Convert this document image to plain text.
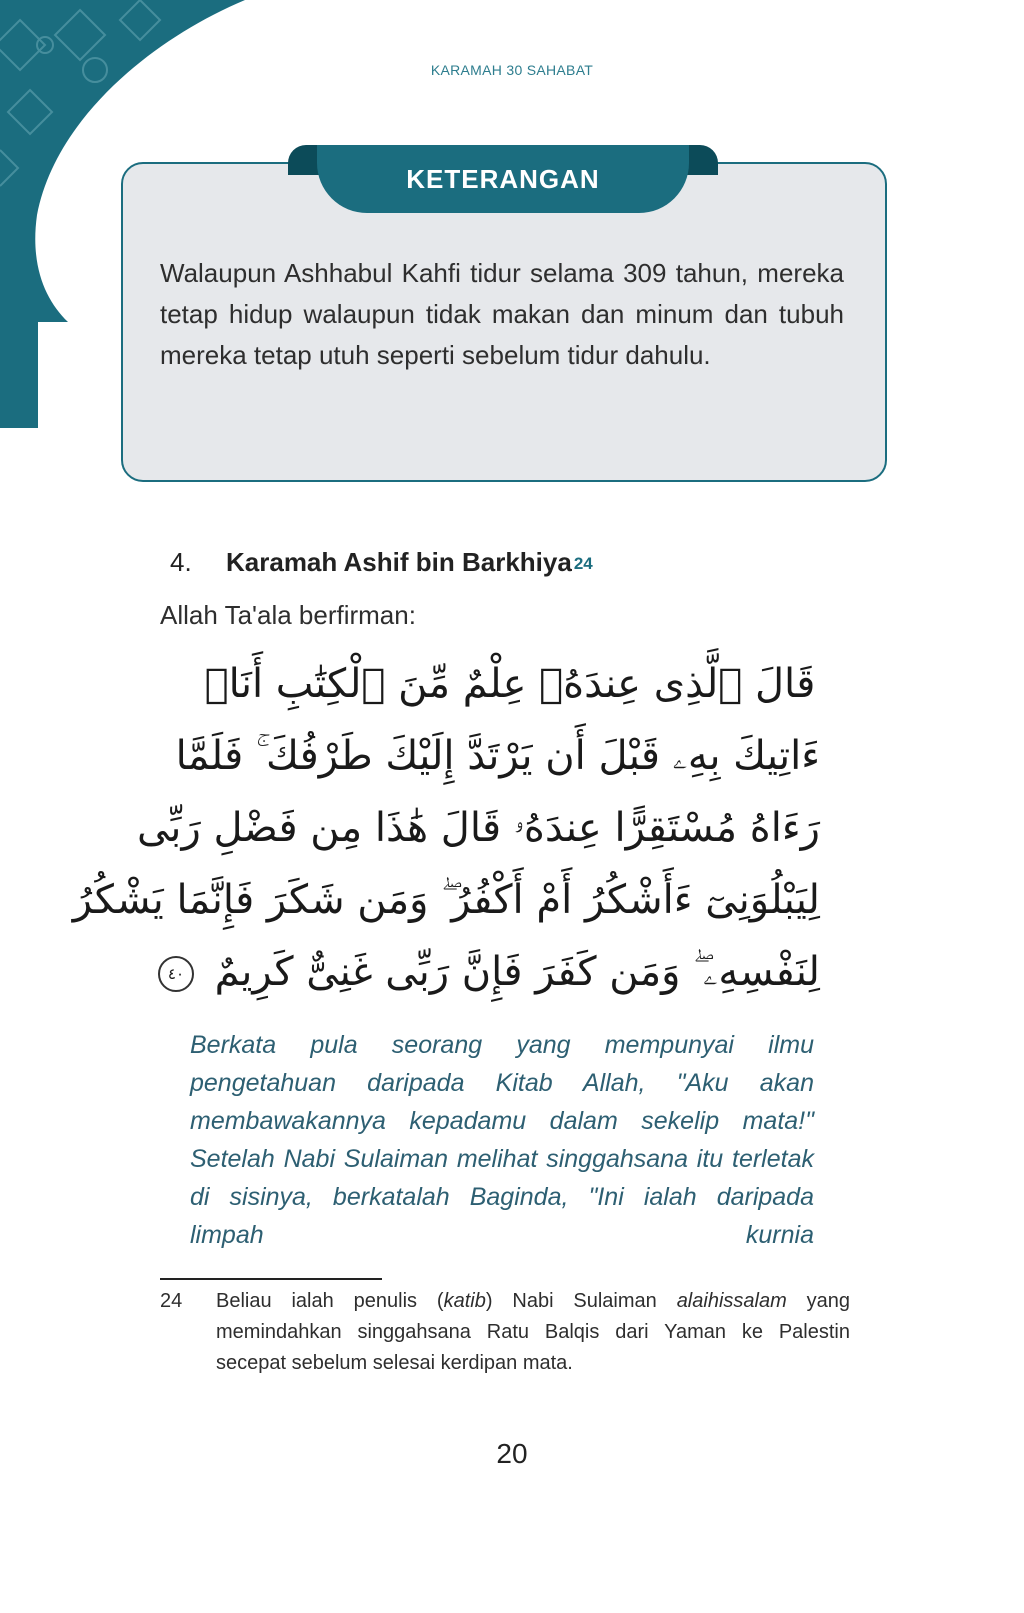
KARAMAH 30 SAHABAT
KETERANGAN
Walaupun Ashhabul Kahfi tidur selama 309 tahun, mereka tetap hidup walaupun tidak makan dan minum dan tubuh mereka tetap utuh seperti sebelum tidur dahulu.
4. Karamah Ashif bin Barkhiya 24
Allah Ta'ala berfirman:
قَالَ ٱلَّذِى عِندَهُۥ عِلْمٌ مِّنَ ٱلْكِتَٰبِ أَنَا۠
ءَاتِيكَ بِهِۦ قَبْلَ أَن يَرْتَدَّ إِلَيْكَ طَرْفُكَ ۚ فَلَمَّا
رَءَاهُ مُسْتَقِرًّا عِندَهُۥ قَالَ هَٰذَا مِن فَضْلِ رَبِّى
لِيَبْلُوَنِىٓ ءَأَشْكُرُ أَمْ أَكْفُرُ ۖ وَمَن شَكَرَ فَإِنَّمَا يَشْكُرُ
لِنَفْسِهِۦ ۖ وَمَن كَفَرَ فَإِنَّ رَبِّى غَنِىٌّ كَرِيمٌ ٤٠
Berkata pula seorang yang mempunyai ilmu pengetahuan daripada Kitab Allah, "Aku akan membawakannya kepadamu dalam sekelip mata!" Setelah Nabi Sulaiman melihat singgahsana itu terletak di sisinya, berkatalah Baginda, "Ini ialah daripada limpah kurnia
24	Beliau ialah penulis (katib) Nabi Sulaiman alaihissalam yang memindahkan singgahsana Ratu Balqis dari Yaman ke Palestin secepat sebelum selesai kerdipan mata.
20
